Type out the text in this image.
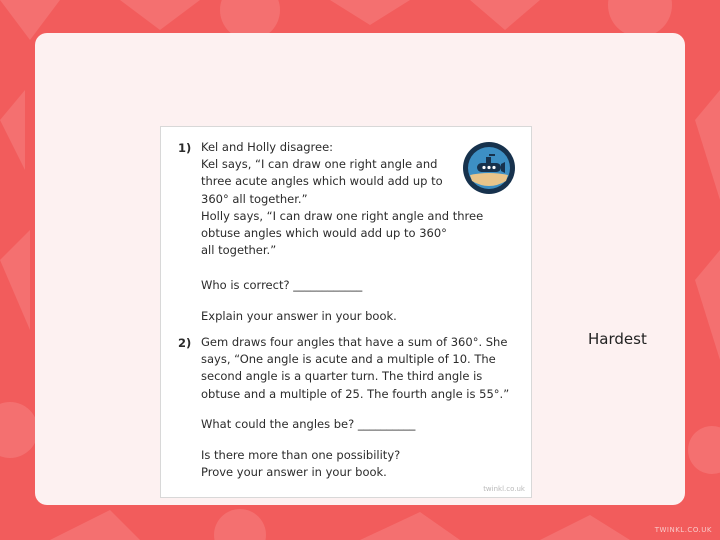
1) Kel and Holly disagree:
Kel says, “I can draw one right angle and
three acute angles which would add up to
360° all together.”
Holly says, “I can draw one right angle and three
obtuse angles which would add up to 360°
all together.”
Who is correct? ____________
Explain your answer in your book.
2) Gem draws four angles that have a sum of 360°. She
says, “One angle is acute and a multiple of 10. The
second angle is a quarter turn. The third angle is
obtuse and a multiple of 25. The fourth angle is 55°.”
What could the angles be? __________
Is there more than one possibility?
Prove your answer in your book.
twinkl.co.uk
Hardest
TWINKL.CO.UK
